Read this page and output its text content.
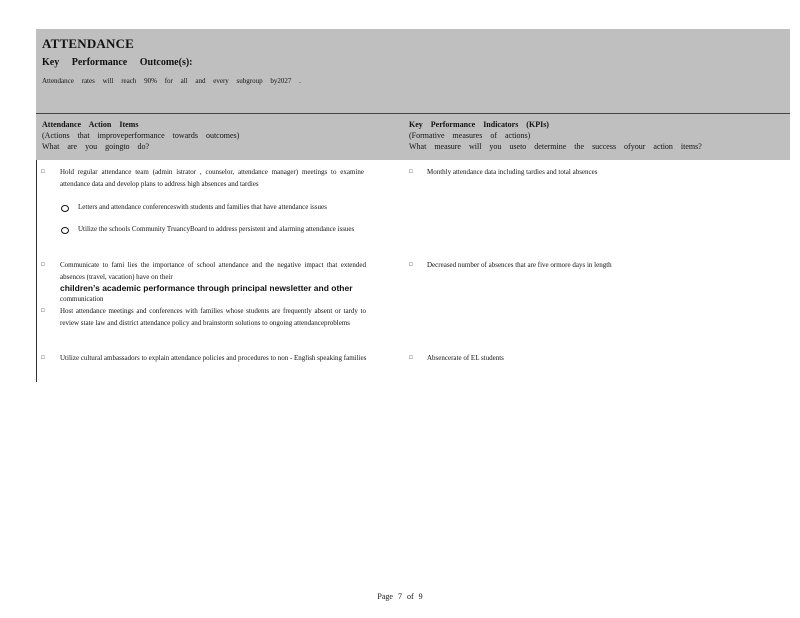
ATTENDANCE
Key Performance Outcome(s):
Attendance rates will reach 90% for all and every subgroup by2027 .
Attendance Action Items
(Actions that improveperformance towards outcomes)
What are you goingto do?
Key Performance Indicators (KPIs)
(Formative measures of actions)
What measure will you useto determine the success ofyour action items?
□ Hold regular attendance team (admin istrator , counselor, attendance manager) meetings to examine attendance data and develop plans to address high absences and tardies
Letters and attendance conferenceswith students and families that have attendance issues
Utilize the schools Community TruancyBoard to address persistent and alarming attendance issues
□ Monthly attendance data including tardies and total absences
□ Communicate to fami lies the importance of school attendance and the negative impact that extended absences (travel, vacation) have on their
children’s academic performance through principal newsletter and other
communication
□ Decreased number of absences that are five ormore days in length
□ Host attendance meetings and conferences with families whose students are frequently absent or tardy to review state law and district attendance policy and brainstorm solutions to ongoing attendanceproblems
□ Utilize cultural ambassadors to explain attendance policies and procedures to non - English speaking families	□ Absencerate of EL students
Page 7 of 9
